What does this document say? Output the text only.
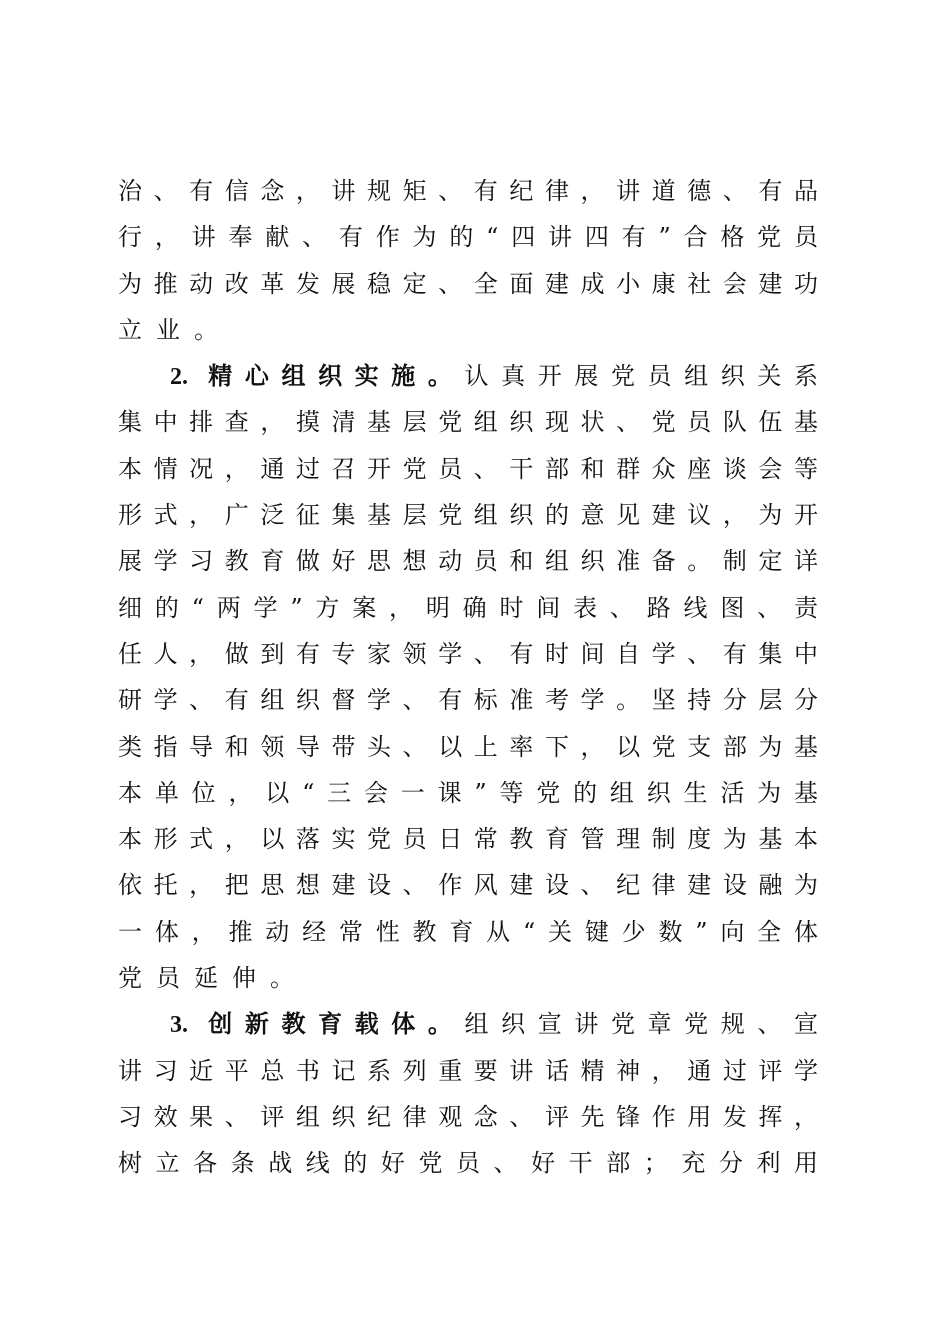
治、有信念，讲规矩、有纪律，讲道德、有品
行，讲奉献、有作为的“四讲四有”合格党员
为推动改革发展稳定、全面建成小康社会建功
立业。
2. 精心组织实施。认真开展党员组织关系
集中排查，摸清基层党组织现状、党员队伍基
本情况，通过召开党员、干部和群众座谈会等
形式，广泛征集基层党组织的意见建议，为开
展学习教育做好思想动员和组织准备。制定详
细的“两学”方案，明确时间表、路线图、责
任人，做到有专家领学、有时间自学、有集中
研学、有组织督学、有标准考学。坚持分层分
类指导和领导带头、以上率下，以党支部为基
本单位，以“三会一课”等党的组织生活为基
本形式，以落实党员日常教育管理制度为基本
依托，把思想建设、作风建设、纪律建设融为
一体，推动经常性教育从“关键少数”向全体
党员延伸。
3. 创新教育载体。组织宣讲党章党规、宣
讲习近平总书记系列重要讲话精神，通过评学
习效果、评组织纪律观念、评先锋作用发挥，
树立各条战线的好党员、好干部；充分利用
